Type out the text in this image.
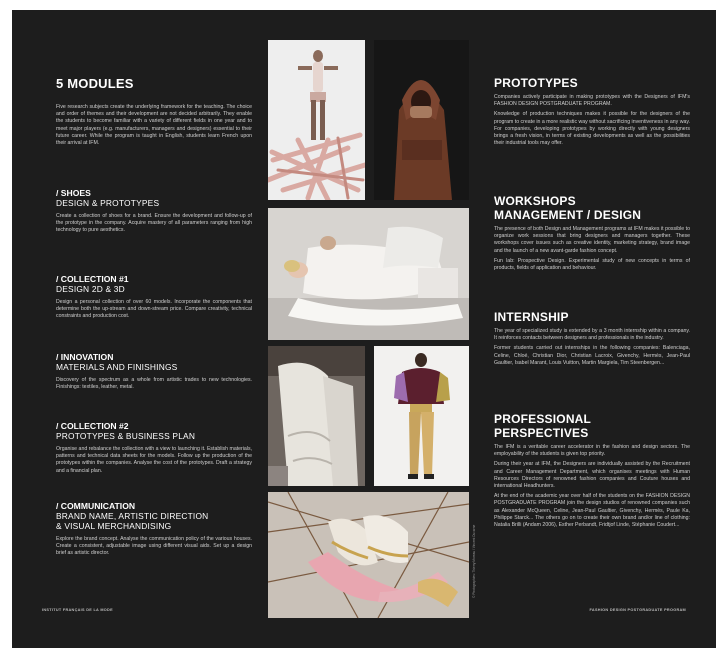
5 MODULES
Five research subjects create the underlying framework for the teaching. The choice and order of themes and their development are not decided arbitrarily. They enable the students to become familiar with a variety of different fields in one year and to meet major players (e.g. manufacturers, managers and designers) essential to their future career. While the program is taught in English, students learn French upon their arrival at IFM.
/ SHOES
DESIGN & PROTOTYPES
Create a collection of shoes for a brand. Ensure the development and follow-up of the prototype in the company. Acquire mastery of all parameters ranging from high technology to pure aesthetics.
/ COLLECTION #1
DESIGN 2D & 3D
Design a personal collection of over 60 models. Incorporate the components that determine both the up-stream and down-stream price. Compare creativity, technical constraints and production cost.
/ INNOVATION
MATERIALS AND FINISHINGS
Discovery of the spectrum as a whole from artistic trades to new technologies. Finishings: textiles, leather, metal.
/ COLLECTION #2
PROTOTYPES & BUSINESS PLAN
Organise and rebalance the collection with a view to launching it. Establish materials, patterns and technical data sheets for the models. Follow up the production of the prototypes within the companies. Analyse the cost of the prototypes. Draft a strategy and a financial plan.
/ COMMUNICATION
BRAND NAME, ARTISTIC DIRECTION
& VISUAL MERCHANDISING
Explore the brand concept. Analyse the communication policy of the various houses. Create a consistent, adjustable image using different visual aids. Set up a design brief as artistic director.	© Photographies: Thierry Moreau / Vincent Ducarne
PROTOTYPES

Companies actively participate in making prototypes with the Designers of IFM's FASHION DESIGN POSTGRADUATE PROGRAM.

Knowledge of production techniques makes it possible for the designers of the program to create in a more realistic way without sacrificing inventiveness in any way. For companies, developing prototypes by working directly with young designers brings a fresh vision, in terms of existing developments as well as the possibilities their industrial tools may offer.

WORKSHOPS
MANAGEMENT / DESIGN

The presence of both Design and Management programs at IFM makes it possible to organize work sessions that bring designers and managers together. These workshops cover issues such as creative identity, marketing strategy, brand image and the launch of a new avant-garde fashion concept.

Fun lab: Prospective Design. Experimental study of new concepts in terms of products, fields of application and behaviour.

INTERNSHIP

The year of specialized study is extended by a 3 month internship within a company. It reinforces contacts between designers and professionals in the industry.

Former students carried out internships in the following companies: Balenciaga, Celine, Chloé, Christian Dior, Christian Lacroix, Givenchy, Hermès, Jean-Paul Gaultier, Isabel Marant, Louis Vuitton, Martin Margiela, Tim Steenbergen...

PROFESSIONAL
PERSPECTIVES

The IFM is a veritable career accelerator in the fashion and design sectors. The employability of the students is given top priority.

During their year at IFM, the Designers are individually assisted by the Recruitment and Career Management Department, which organises meetings with Human Resources Directors of renowned fashion companies and Couture houses and international Headhunters.

At the end of the academic year over half of the students on the FASHION DESIGN POSTGRADUATE PROGRAM join the design studios of renowned companies such as Alexander McQueen, Celine, Jean-Paul Gaultier, Givenchy, Hermès, Paule Ka, Philippe Starck... The others go on to create their own brand and/or line of clothing: Natalia Brilli (Andam 2006), Esther Perbandt, Fridtjof Linde, Stéphanie Coudert...

INSTITUT FRANÇAIS DE LA MODE	FASHION DESIGN POSTGRADUATE PROGRAM
